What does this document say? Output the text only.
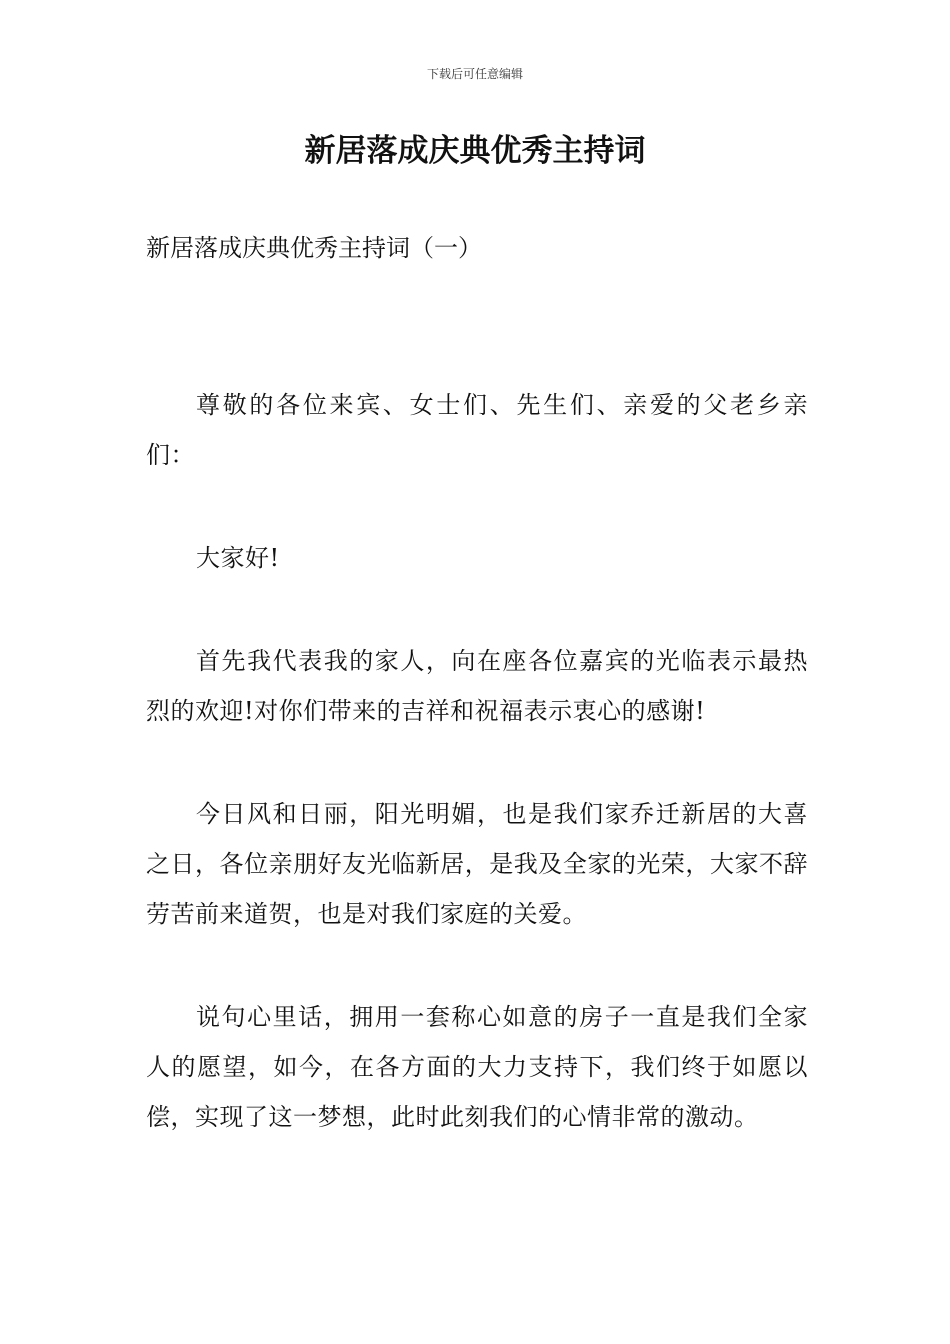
下载后可任意编辑
新居落成庆典优秀主持词
新居落成庆典优秀主持词（一）

尊敬的各位来宾、女士们、先生们、亲爱的父老乡亲们：

大家好!

首先我代表我的家人，向在座各位嘉宾的光临表示最热烈的欢迎!对你们带来的吉祥和祝福表示衷心的感谢!

今日风和日丽，阳光明媚，也是我们家乔迁新居的大喜之日，各位亲朋好友光临新居，是我及全家的光荣，大家不辞劳苦前来道贺，也是对我们家庭的关爱。

说句心里话，拥用一套称心如意的房子一直是我们全家人的愿望，如今，在各方面的大力支持下，我们终于如愿以偿，实现了这一梦想，此时此刻我们的心情非常的激动。
